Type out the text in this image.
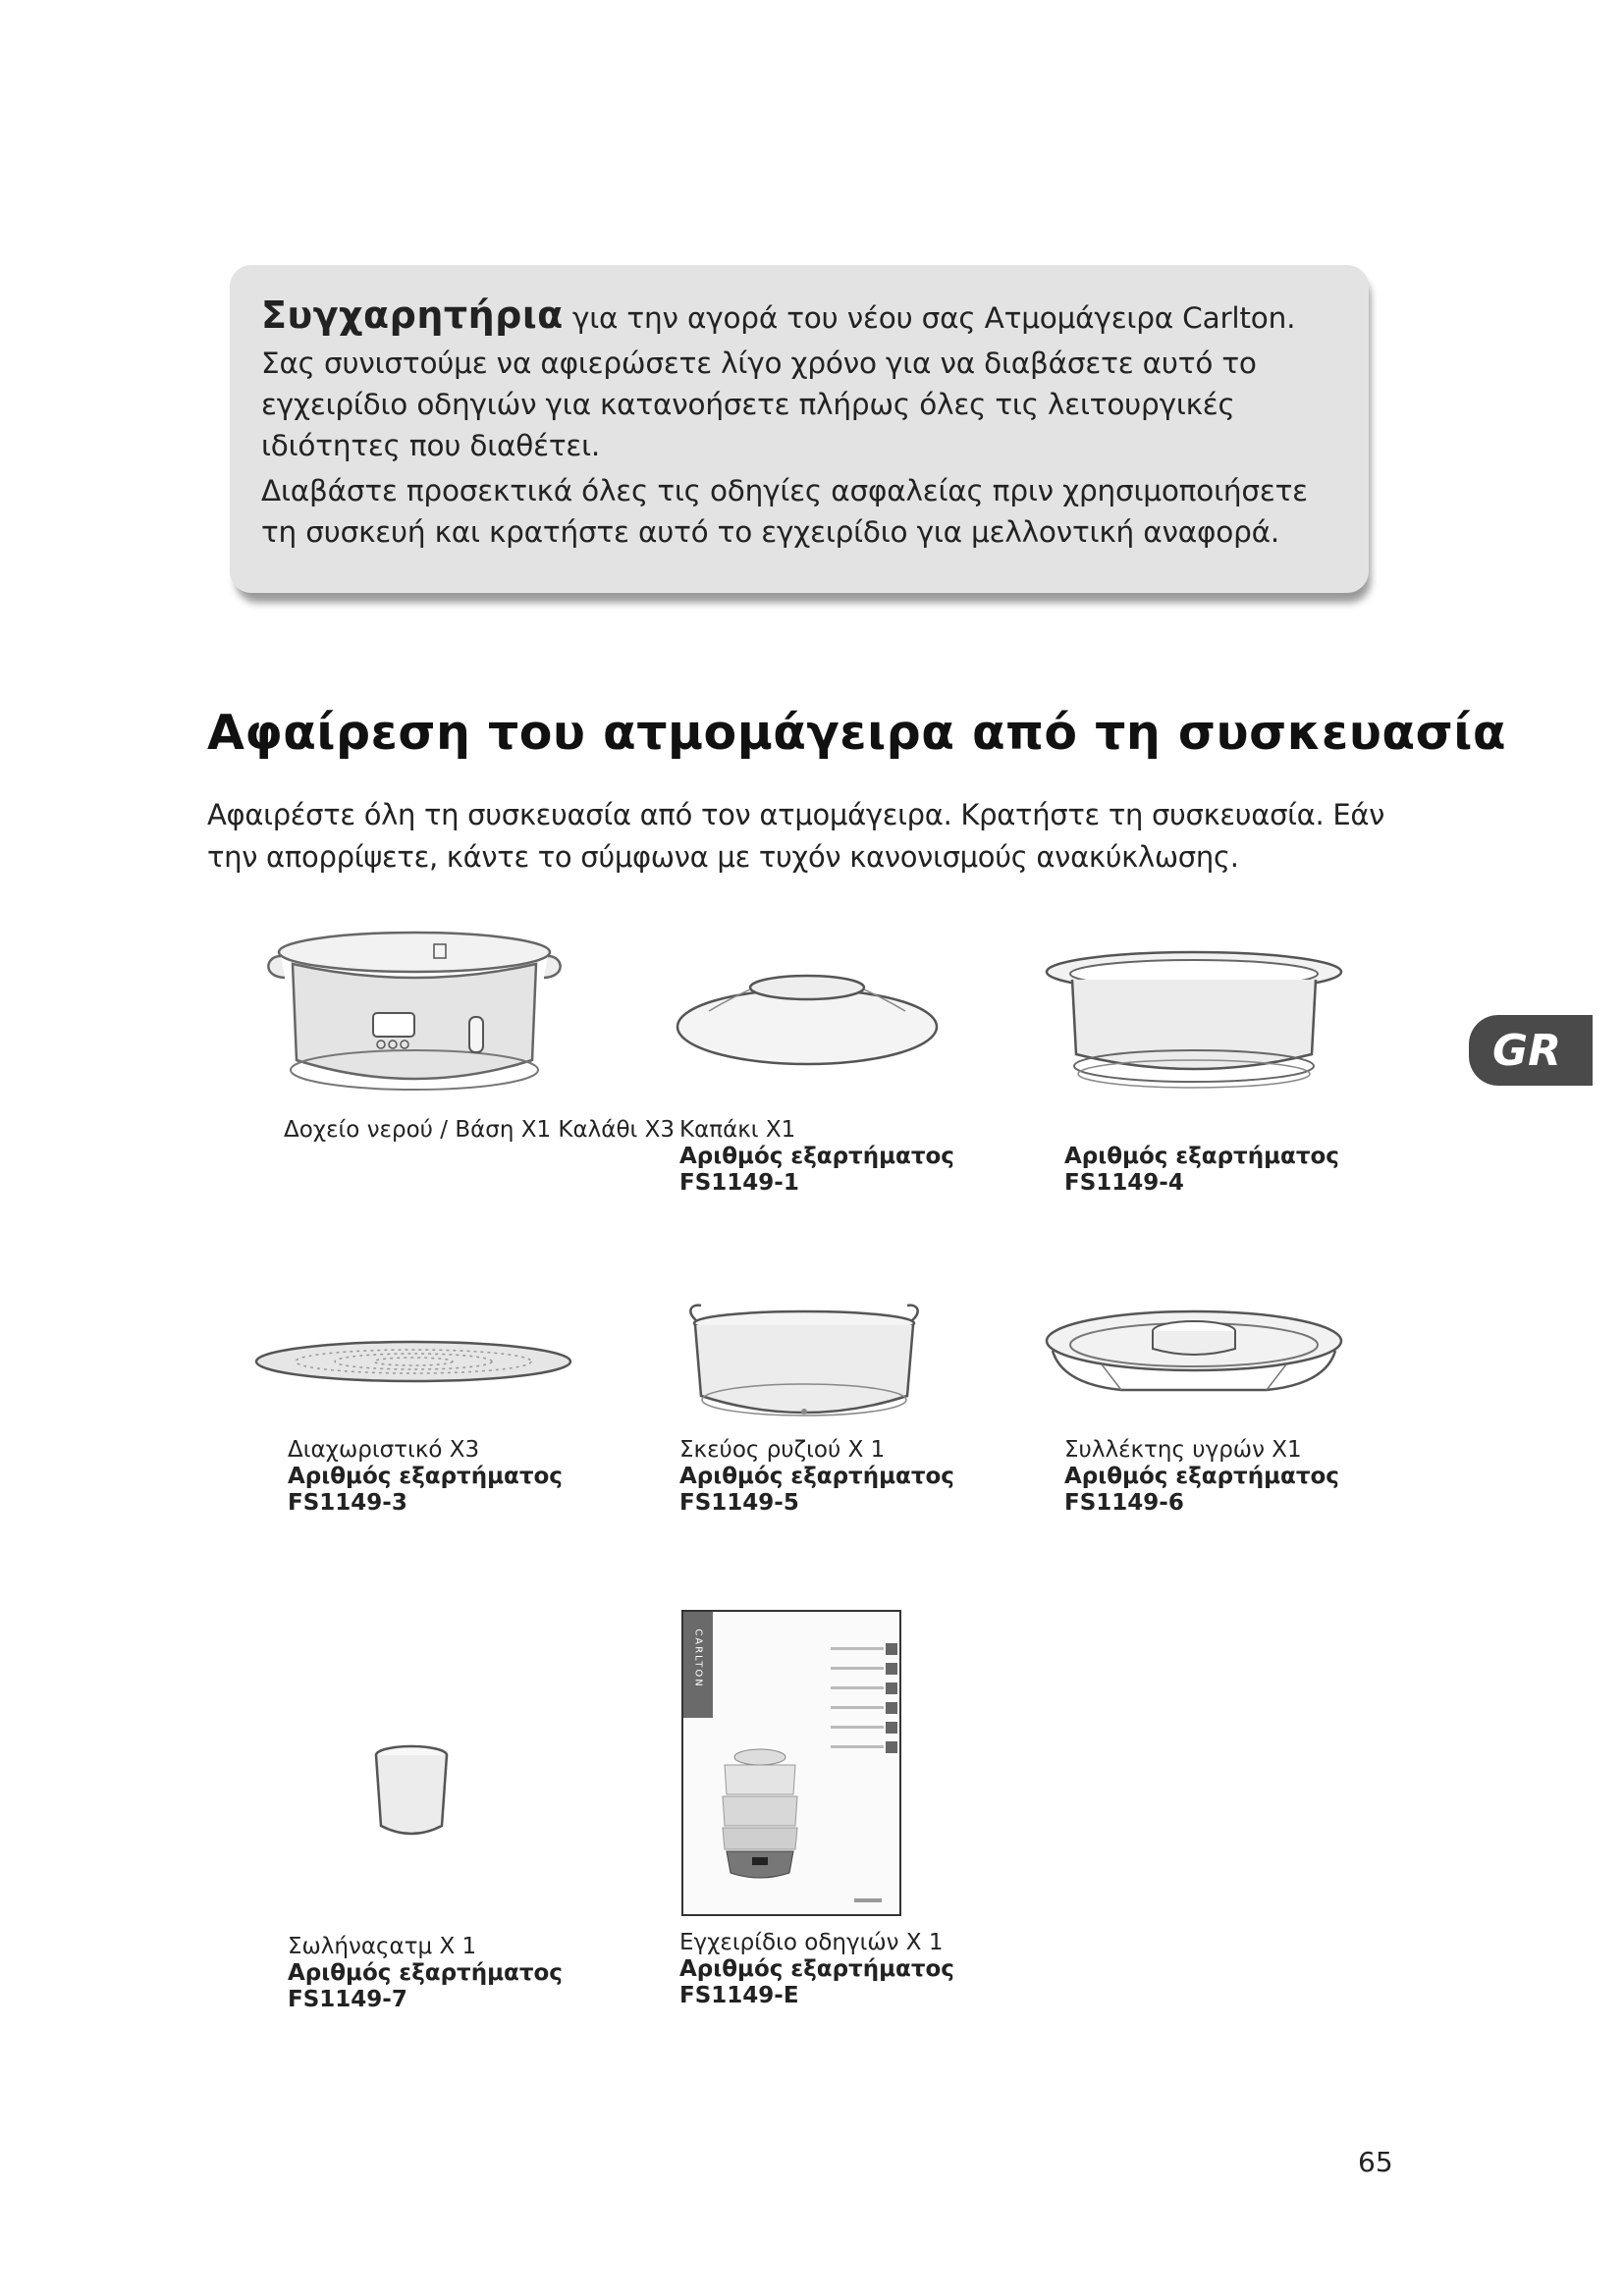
Συγχαρητήρια για την αγορά του νέου σας Ατμομάγειρα Carlton.

Σας συνιστούμε να αφιερώσετε λίγο χρόνο για να διαβάσετε αυτό το εγχειρίδιο οδηγιών για κατανοήσετε πλήρως όλες τις λειτουργικές ιδιότητες που διαθέτει.

Διαβάστε προσεκτικά όλες τις οδηγίες ασφαλείας πριν χρησιμοποιήσετε τη συσκευή και κρατήστε αυτό το εγχειρίδιο για μελλοντική αναφορά.

Αφαίρεση του ατμομάγειρα από τη συσκευασία

Αφαιρέστε όλη τη συσκευασία από τον ατμομάγειρα. Κρατήστε τη συσκευασία. Εάν την απορρίψετε, κάντε το σύμφωνα με τυχόν κανονισμούς ανακύκλωσης.

GR
Δοχείο νερού / Βάση X1 Καλάθι X3 Καπάκι X1
Αριθμός εξαρτήματος
FS1149-1
Αριθμός εξαρτήματος
FS1149-4
Διαχωριστικό X3
Αριθμός εξαρτήματος
FS1149-3
Σκεύος ρυζιού X 1
Αριθμός εξαρτήματος
FS1149-5
Συλλέκτης υγρών X1
Αριθμός εξαρτήματος
FS1149-6
Σωλήναςατμ X 1
Αριθμός εξαρτήματος
FS1149-7
CARLTON
Εγχειρίδιο οδηγιών X 1
Αριθμός εξαρτήματος
FS1149-E
65
